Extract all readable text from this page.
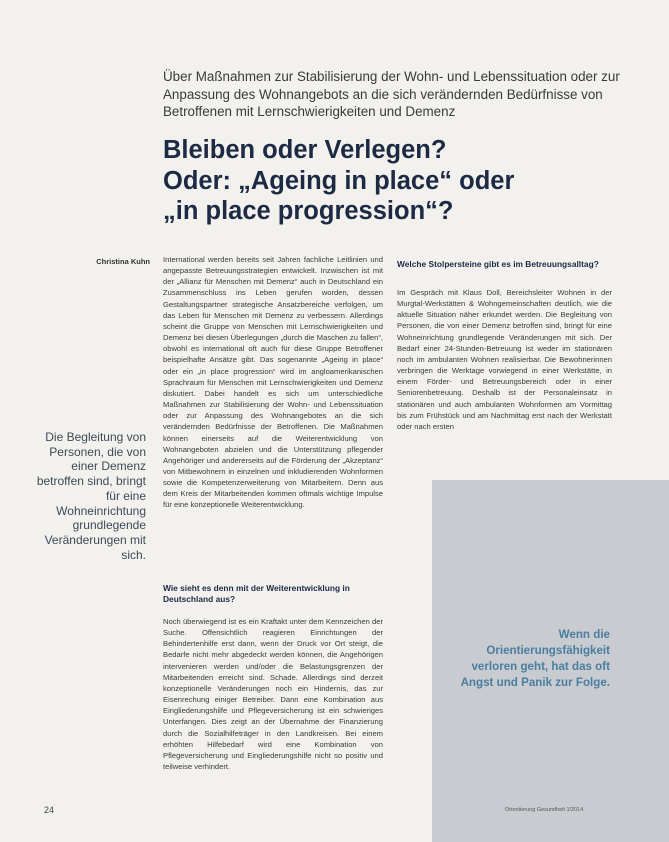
Über Maßnahmen zur Stabilisierung der Wohn- und Lebenssituation oder zur Anpassung des Wohnangebots an die sich verändernden Bedürfnisse von Betroffenen mit Lernschwierigkeiten und Demenz
Bleiben oder Verlegen?
Oder: „Ageing in place“ oder
„in place progression“?
Christina Kuhn
Die Begleitung von Personen, die von einer Demenz betroffen sind, bringt für eine Wohneinrichtung grundlegende Veränderungen mit sich.
International werden bereits seit Jahren fachliche Leitlinien und angepasste Betreuungsstrategien entwickelt. Inzwischen ist mit der „Allianz für Menschen mit Demenz“ auch in Deutschland ein Zusammenschluss ins Leben gerufen worden, dessen Gestaltungspartner strategische Ansatzbereiche verfolgen, um das Leben für Menschen mit Demenz zu verbessern. Allerdings scheint die Gruppe von Menschen mit Lernschwierigkeiten und Demenz bei diesen Überlegungen „durch die Maschen zu fallen“, obwohl es international oft auch für diese Gruppe Betroffener beispielhafte Ansätze gibt. Das sogenannte „Ageing in place“ oder ein „in place progression“ wird im angloamerikanischen Sprachraum für Menschen mit Lernschwierigkeiten und Demenz diskutiert. Dabei handelt es sich um unterschiedliche Maßnahmen zur Stabilisierung der Wohn- und Lebenssituation oder zur Anpassung des Wohnangebotes an die sich verändernden Bedürfnisse der Betroffenen. Die Maßnahmen können einerseits auf die Weiterentwicklung von Wohnangeboten abzielen und die Unterstützung pflegender Angehöriger und andererseits auf die Förderung der „Akzeptanz“ von Mitbewohnern in einzelnen und inkludierenden Wohnformen sowie die Kompetenzerweiterung von Mitarbeitern. Denn aus dem Kreis der Mitarbeitenden kommen oftmals wichtige Impulse für eine konzeptionelle Weiterentwicklung.
Wie sieht es denn mit der Weiterentwicklung in Deutschland aus?
Noch überwiegend ist es ein Kraftakt unter dem Kennzeichen der Suche. Offensichtlich reagieren Einrichtungen der Behindertenhilfe erst dann, wenn der Druck vor Ort steigt, die Bedarfe nicht mehr abgedeckt werden können, die Angehörigen intervenieren werden und/oder die Belastungsgrenzen der Mitarbeitenden erreicht sind. Schade. Allerdings sind derzeit konzeptionelle Veränderungen noch ein Hindernis, das zur Eisenrechung einiger Betreiber. Dann eine Kombination aus Eingliederungshilfe und Pflegeversicherung ist ein schwieriges Unterfangen. Dies zeigt an der Übernahme der Finanzierung durch die Sozialhilfeträger in den Landkreisen. Bei einem erhöhten Hilfebedarf wird eine Kombination von Pflegeversicherung und Eingliederungshilfe nicht so positiv und teilweise verhindert.
Welche Stolpersteine gibt es im Betreuungsalltag?
Im Gespräch mit Klaus Doll, Bereichsleiter Wohnen in der Murgtal-Werkstätten & Wohngemeinschaften deutlich, wie die aktuelle Situation näher erkundet werden. Die Begleitung von Personen, die von einer Demenz betroffen sind, bringt für eine Wohneinrichtung grundlegende Veränderungen mit sich. Der Bedarf einer 24-Stunden-Betreuung ist weder im stationären noch im ambulanten Wohnen realisierbar. Die Bewohnerinnen verbringen die Werktage vorwiegend in einer Werkstätte, in einem Förder- und Betreuungsbereich oder in einer Seniorenbetreuung. Deshalb ist der Personaleinsatz in stationären und auch ambulanten Wohnformen am Vormittag bis zum Frühstück und am Nachmittag erst nach der Werkstatt oder nach ersten
Wenn die Orientierungsfähigkeit verloren geht, hat das oft Angst und Panik zur Folge.
24	Orientierung Gesundheit 1/2014
